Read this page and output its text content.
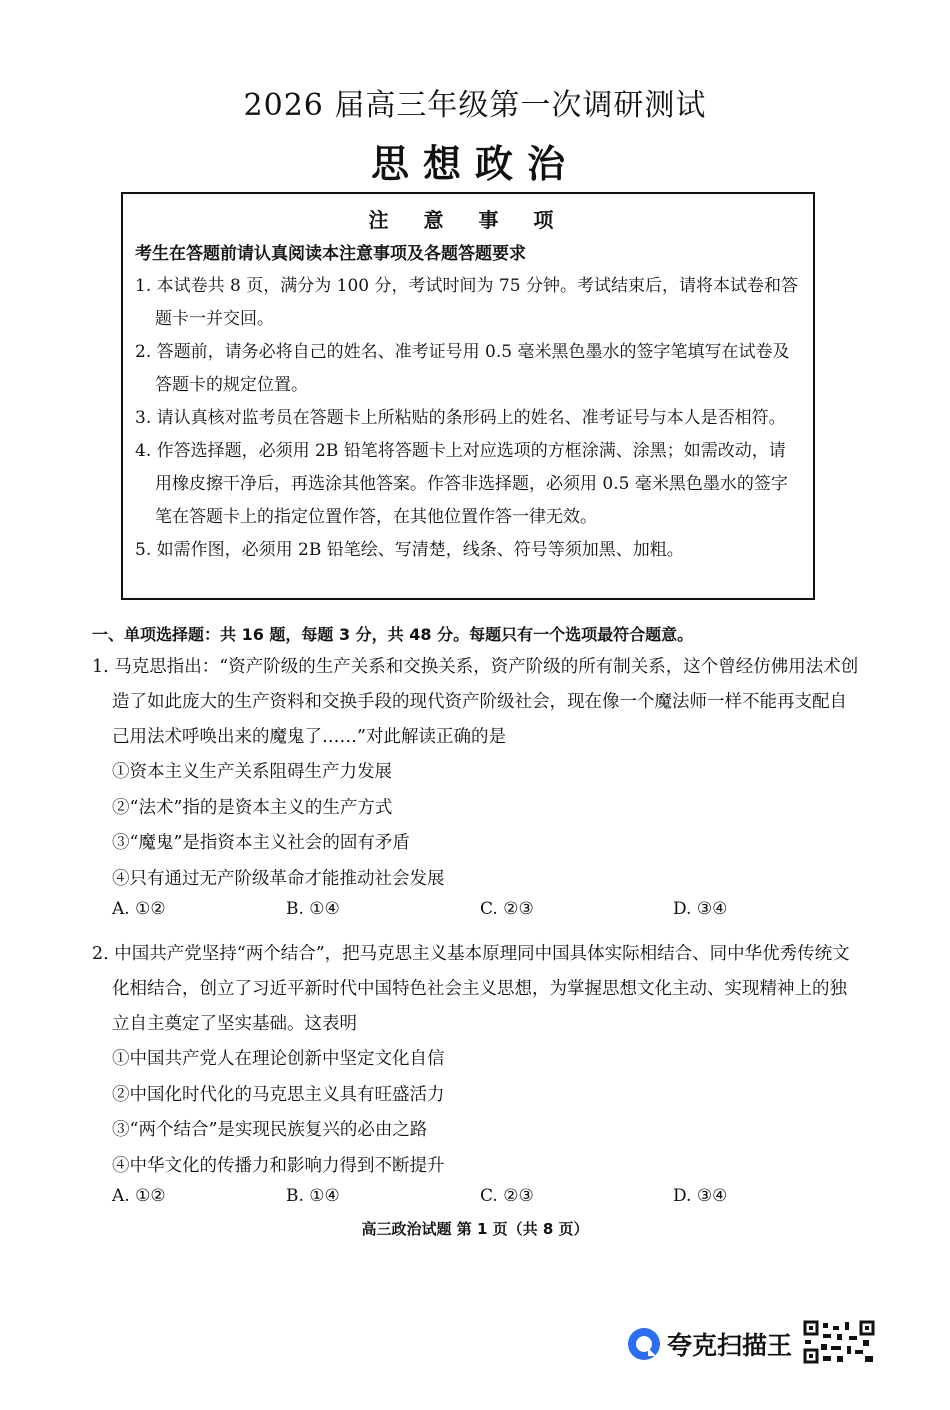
2026 届高三年级第一次调研测试
思想政治
注 意 事 项
考生在答题前请认真阅读本注意事项及各题答题要求
1. 本试卷共 8 页，满分为 100 分，考试时间为 75 分钟。考试结束后，请将本试卷和答题卡一并交回。
2. 答题前，请务必将自己的姓名、准考证号用 0.5 毫米黑色墨水的签字笔填写在试卷及答题卡的规定位置。
3. 请认真核对监考员在答题卡上所粘贴的条形码上的姓名、准考证号与本人是否相符。
4. 作答选择题，必须用 2B 铅笔将答题卡上对应选项的方框涂满、涂黑；如需改动，请用橡皮擦干净后，再选涂其他答案。作答非选择题，必须用 0.5 毫米黑色墨水的签字笔在答题卡上的指定位置作答，在其他位置作答一律无效。
5. 如需作图，必须用 2B 铅笔绘、写清楚，线条、符号等须加黑、加粗。
一、单项选择题：共 16 题，每题 3 分，共 48 分。每题只有一个选项最符合题意。
1. 马克思指出：“资产阶级的生产关系和交换关系，资产阶级的所有制关系，这个曾经仿佛用法术创造了如此庞大的生产资料和交换手段的现代资产阶级社会，现在像一个魔法师一样不能再支配自己用法术呼唤出来的魔鬼了……”对此解读正确的是
①资本主义生产关系阻碍生产力发展
②“法术”指的是资本主义的生产方式
③“魔鬼”是指资本主义社会的固有矛盾
④只有通过无产阶级革命才能推动社会发展
A. ①②	B. ①④	C. ②③	D. ③④
2. 中国共产党坚持“两个结合”，把马克思主义基本原理同中国具体实际相结合、同中华优秀传统文化相结合，创立了习近平新时代中国特色社会主义思想，为掌握思想文化主动、实现精神上的独立自主奠定了坚实基础。这表明
①中国共产党人在理论创新中坚定文化自信
②中国化时代化的马克思主义具有旺盛活力
③“两个结合”是实现民族复兴的必由之路
④中华文化的传播力和影响力得到不断提升
A. ①②	B. ①④	C. ②③	D. ③④
高三政治试题 第 1 页（共 8 页）
夸克扫描王
